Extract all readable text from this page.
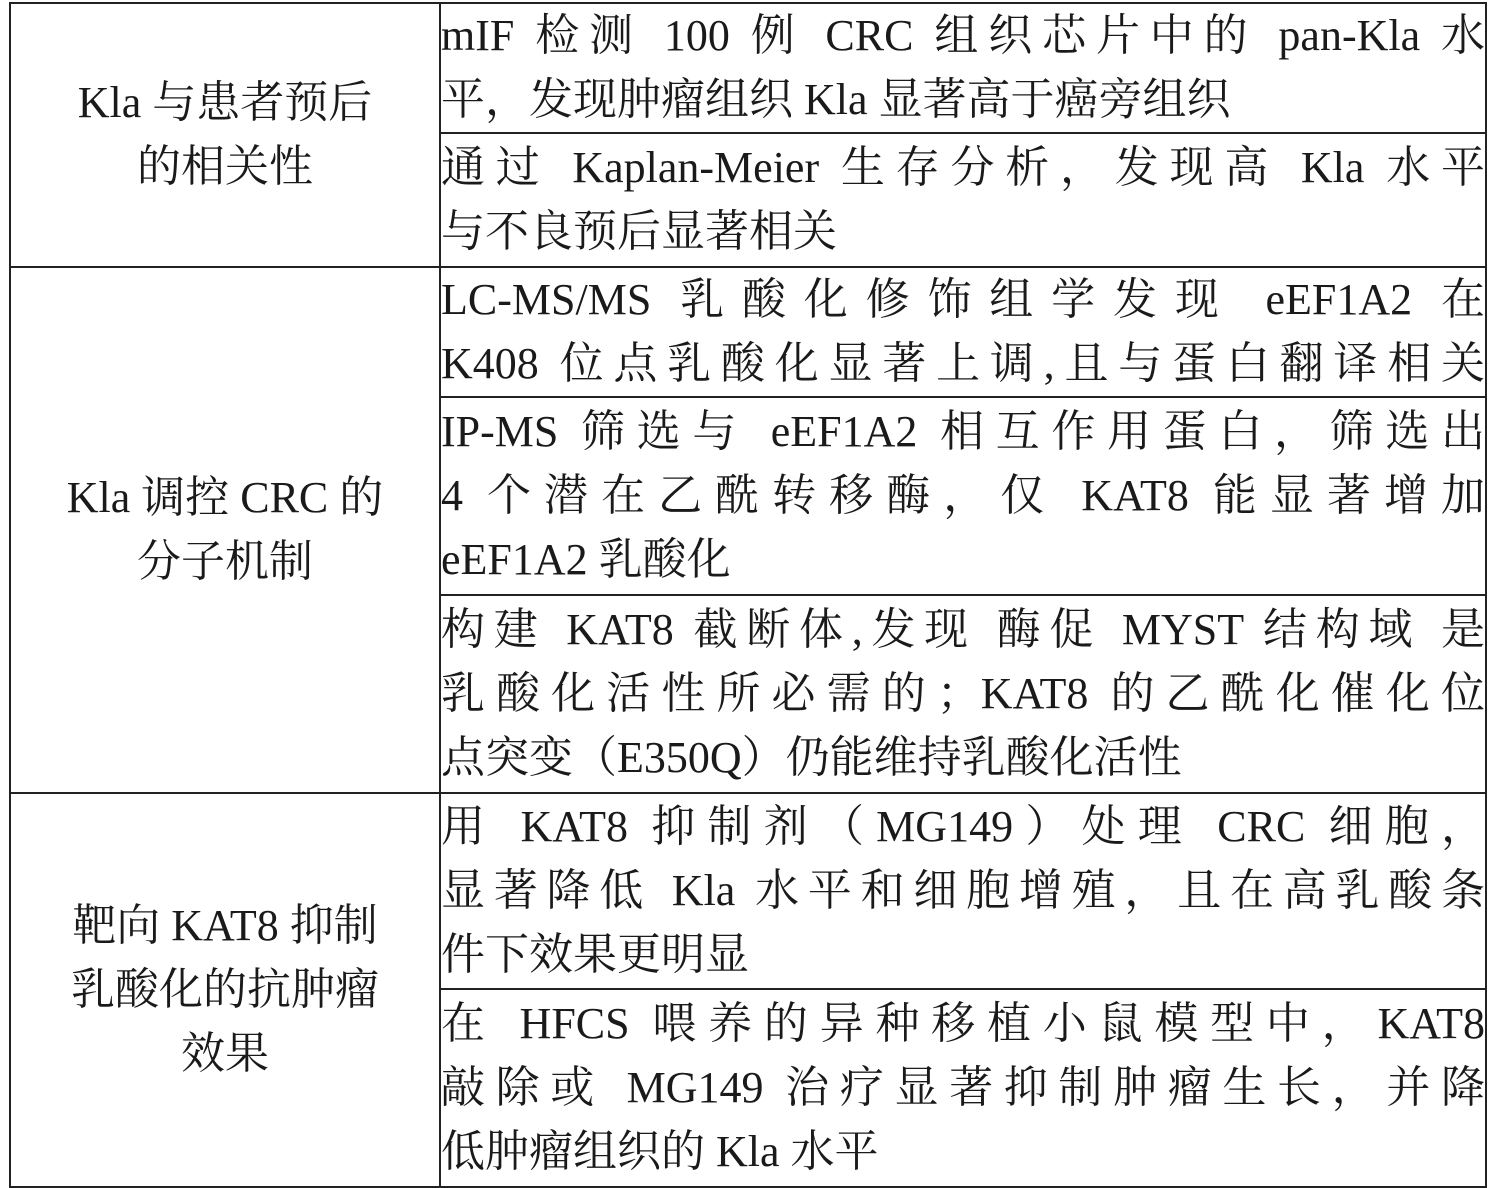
Kla 与患者预后
的相关性	mIF 检测 100 例 CRC 组织芯片中的 pan-Kla 水
平，发现肿瘤组织 Kla 显著高于癌旁组织

	通过 Kaplan-Meier 生存分析，发现高 Kla 水平
与不良预后显著相关

Kla 调控 CRC 的
分子机制	LC-MS/MS 乳酸化修饰组学发现 eEF1A2 在
K408 位点乳酸化显著上调,且与蛋白翻译相关

	IP-MS 筛选与 eEF1A2 相互作用蛋白，筛选出
4 个潜在乙酰转移酶，仅 KAT8 能显著增加
eEF1A2 乳酸化

	构建 KAT8 截断体,发现 酶促 MYST 结构域 是
乳酸化活性所必需的；KAT8 的乙酰化催化位
点突变（E350Q）仍能维持乳酸化活性

靶向 KAT8 抑制
乳酸化的抗肿瘤
效果	用 KAT8 抑制剂（MG149）处理 CRC 细胞，
显著降低 Kla 水平和细胞增殖，且在高乳酸条
件下效果更明显

	在 HFCS 喂养的异种移植小鼠模型中，KAT8
敲除或 MG149 治疗显著抑制肿瘤生长，并降
低肿瘤组织的 Kla 水平
